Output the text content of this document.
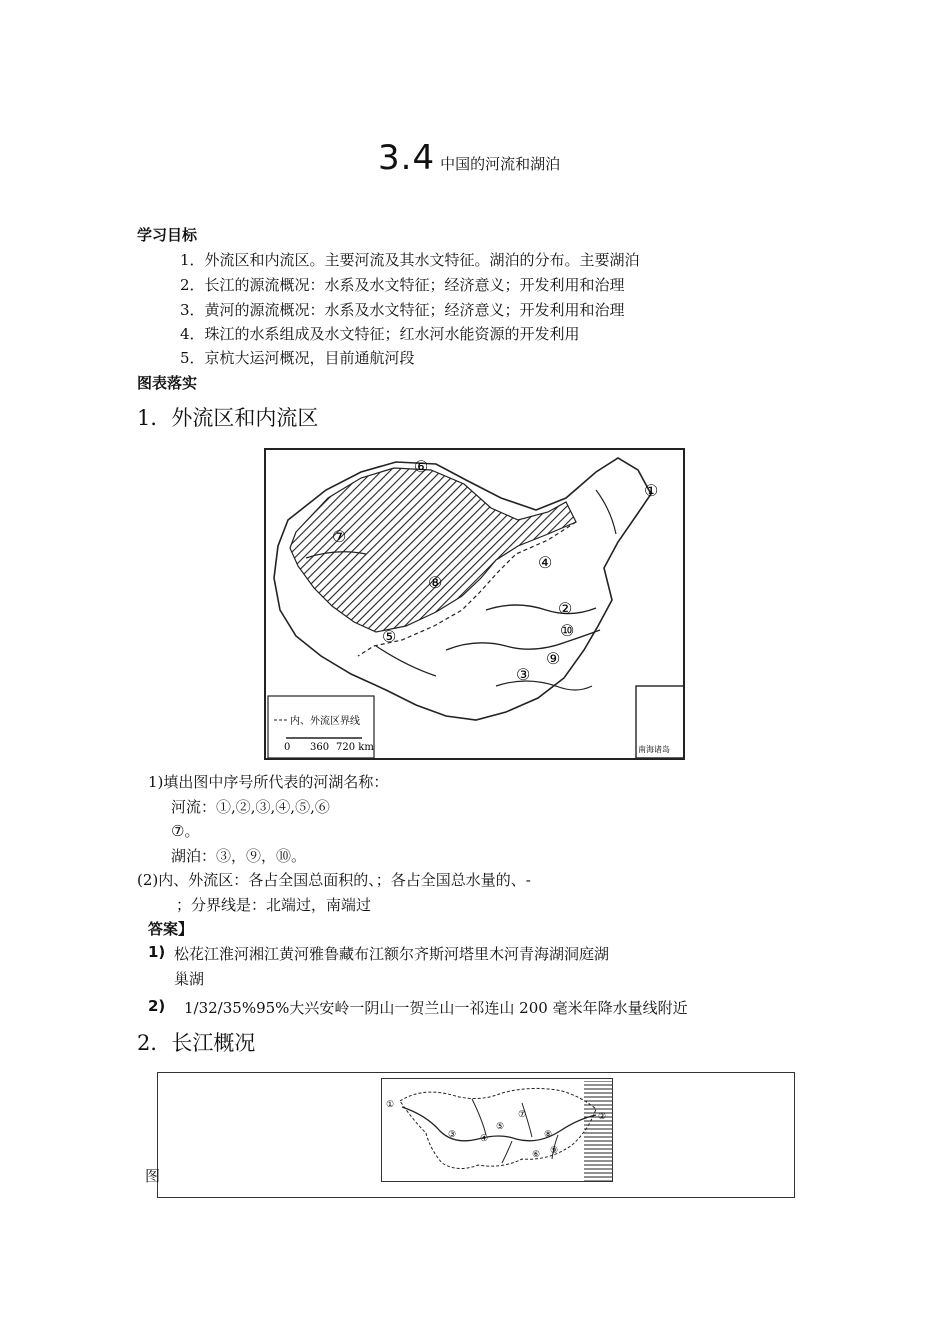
3.4 中国的河流和湖泊
学习目标
1．外流区和内流区。主要河流及其水文特征。湖泊的分布。主要湖泊
2．长江的源流概况：水系及水文特征；经济意义；开发利用和治理
3．黄河的源流概况：水系及水文特征；经济意义；开发利用和治理
4．珠江的水系组成及水文特征；红水河水能资源的开发利用
5．京杭大运河概况，目前通航河段
图表落实
1．外流区和内流区
⑥
①
⑦
⑧
④
②
⑩
⑤
⑨
③
内、外流区界线
0 360 720 km	南海诸岛
1)填出图中序号所代表的河湖名称：
河流：①,②,③,④,⑤,⑥
⑦。
湖泊：③，⑨，⑩。
(2)内、外流区：各占全国总面积的、；各占全国总水量的、-
；分界线是：北端过，南端过
答案】
1) 松花江淮河湘江黄河雅鲁藏布江额尔齐斯河塔里木河青海湖洞庭湖
巢湖
2) 1/32/35%95%大兴安岭一阴山一贺兰山一祁连山 200 毫米年降水量线附近
2．长江概况
图
①
②
③	④
⑤
⑥
⑦
⑧
⑨
